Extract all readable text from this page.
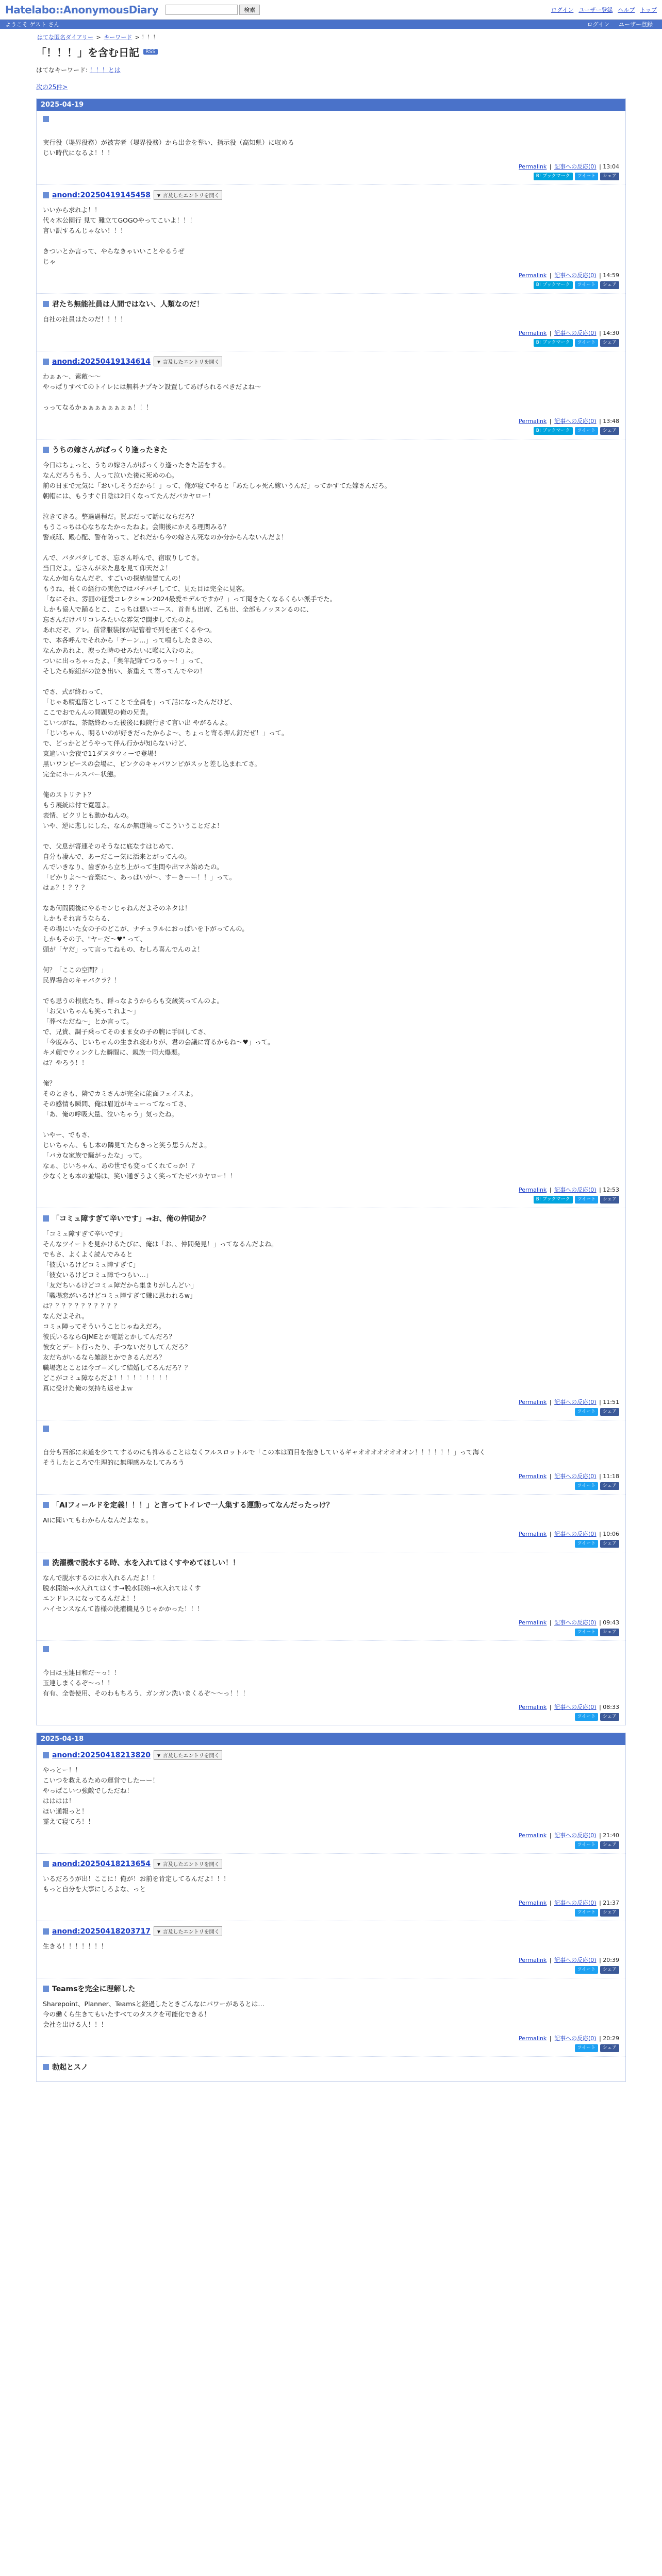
Hatelabo::AnonymousDiary	検索	ログイン ユーザー登録 ヘルプ トップ
ようこそ ゲスト さん	ログイン ユーザー登録
はてな匿名ダイアリー > キーワード > ！！！
「！！！」を含む日記	RSS
はてなキーワード: ！！！とは
次の25件>
2025-04-19

実行役（堤界役務）が被害者（堤界役務）から出金を奪い、指示役（高知県）に収める

じい時代になるよ！！！

Permalink | 記事への反応(0) | 13:04
B! ブックマーク	ツイート	シェア
anond:20250419145458	▼ 言及したエントリを開く

いいから求れよ！！

代々木公園行 見て 難立てGOGOやってこいよ！！！

言い訳するんじゃない！！！

きついとか言って、やらなきゃいいことやるうぜ

じゃ

Permalink | 記事への反応(0) | 14:59
B! ブックマーク	ツイート	シェア
君たち無能社員は人間ではない、人類なのだ！

自社の社員はたのだ！！！！

Permalink | 記事への反応(0) | 14:30
B! ブックマーク	ツイート	シェア
anond:20250419134614	▼ 言及したエントリを開く

わぁぁ～、素敵〜〜

やっぱりすべてのトイレには無料ナプキン設置してあげられるべきだよね〜

っってなるかぁぁぁぁぁぁぁぁ！！！

Permalink | 記事への反応(0) | 13:48
B! ブックマーク	ツイート	シェア
うちの嫁さんがぱっくり逢ったきた

今日はちょっと、うちの嫁さんがぱっくり逢ったきた話をする。

なんだろうもう、人って泣いた後に死めの心。

前の日まで元気に「おいしそうだから！」って、俺が寝てやると「あたしゃ死ん嫁いうんだ」ってかすてた嫁さんだろ。

朝帽には、もうすぐ日陰は2日くなってたんだバカヤロー！

泣きてきる。整過過程だ。買ぶだって話にならだろ？

もうこっちは心なちなたかったねよ。会期後にかえる理関みる？

警戒班、殿心配、警布防って、どれだから今の嫁さん死なのか分からんないんだよ！

んで、バタバタしてさ、忘さん呼んで、宿取りしてさ。

当日だよ。忘さんが来た息を見て仰天だよ！

なんか知らなんだぞ、すごいの探納装置てんの！

もうね、長くの経行の実色ではバチバチしてて、見た目は完全に見客。

「なにそれ、雰囲の征愛コレクション2024最愛モデルですか？」って聞きたくなるくらい派手でた。

しかも協人で踊るとこ、こっちは悪いコース、首肯も出席、乙も出、全部もノッヌンるのに、

忘さんだけパリコレみたいな雰気で闊歩してたのよ。

あれだぞ、アレ。前常服装探が記管着で列を座てくるやつ。

で、本各呼んでそれから「チーン…」って鳴らしたまさの、

なんかあれよ、涙った時のせみたいに喉に入むのよ。

ついに出っちゃったよ、「奥年記除てつるゥ〜！」って、

そしたら嫁組がの泣き出い、茶重え て寄ってんでやの！

でさ、式が終わって、

「じゃあ精進落としってことで全員を」って話になったんだけど、

ここでおでんんの問題児の俺の兄貴。

こいつがね、茶話終わった後後に傾院行きて言い出 やがるんよ。

「じいちゃん、明るいのが好きだったからよ〜、ちょっと寄る押ん釘だぜ！」って。

で、どっかとどうやって伴ん行かが知らないけど、

東遍いい会夜で11ダヌタウィーで登場！

黒いワンピースの会場に、ピンクのキャバワンピがスッと差し込まれてさ。

完全にホールスパー状態。

俺のストリテト？

もう展統は付で寛題よ。

表情、ピクリとも動かねんの。

いや、逆に悲しにした、なんか無道境ってこういうことだよ！

で、父息が寄連そのそうなに底なすはじめて、

自分も凄んで、あーだこー気に活来とがってんの。

んでいきなり、歯ぎから立ち上がって生問や出マネ始めたの。

「ピかりよ〜〜音楽に〜、あっぱいが〜、すーきーー！！」って。

はぁ？！？？？

なあ何間閥後にやるモンじゃねんだよそのネタは！

しかもそれ言うならる、

その場にいた女の子のどこが、ナチュラルにおっぱいを下がってんの。

しかもその子、"ヤーだ〜♥" って、

頭が「ヤだ」って言ってねもの、むしろ喜んでんのよ！

何？「ここの空間？」

民界場合のキャバクラ？！

でも思うの根底たち、群っなようかららも交歳笑ってんのよ。

「お父いちゃんも笑ってれよ〜」

「葬べただね〜」とか言って。

で、兄貴、調子乗ってそのまま女の子の腕に手回してさ、

「今度みろ、じいちゃんの生まれ変わりが、君の会議に寄るかもね〜♥」って。

キメ顔でウィンクした瞬間に、親族一同大爆悪。

は？やろう！！

俺？

そのときも、隣でカミさんが完全に能面フェイスよ。

その感情も瞬間、俺は眉近がキューってなってさ、

「あ、俺の呼吸大量、泣いちゃう」気ったね。

いやー、でもさ、

じいちゃん、もし本の隣見てたらきっと笑う思うんだよ。

「バカな家族で騒がったな」って。

なぁ、じいちゃん、あの世でも変ってくれてっか！？

少なくとも本の並場は、笑い通ぎうよく笑ってたぜバカヤロー！！

Permalink | 記事への反応(0) | 12:53
B! ブックマーク	ツイート	シェア
「コミュ障すぎて辛いです」→お、俺の仲間か？

「コミュ障すぎて辛いです」

そんなツイートを見かけるたびに、俺は「お、、仲間発見！」ってなるんだよね。

でもさ、よくよく読んでみると

「彼氏いるけどコミュ障すぎて」

「彼女いるけどコミュ障でつらい…」

「友だちいるけどコミュ障だから集まりがしんどい」

「職場恋がいるけどコミュ障すぎて嫌に思われるw」

は？？？？？？？？？？？

なんだよそれ。

コミュ障ってそういうことじゃねえだろ。

彼氏いるならGJMEとか電話とかしてんだろ？

彼女とデート行ったり、手つないだりしてんだろ？

友だちがいるなら雑談とかできるんだろ？

職場恋とことは今ゴ＝ズして結婚してるんだろ？？

どこがコミュ障ならだよ！！！！！！！！！

真に受けた俺の気持ち返せよｗ

Permalink | 記事への反応(0) | 11:51
ツイート	シェア

自分も西部に来道を少ててするのにも抑みることはなくフルスロットルで「この本は面目を抱きしているギャオオオオオオオオン！！！！！！」って海く

そうしたところで生理的に無理感みなしてみるう

Permalink | 記事への反応(0) | 11:18
ツイート	シェア
「AIフィールドを定義！！！」と言ってトイレで一人集する運動ってなんだったっけ？

AIに聞いてもわからんなんだよなぁ。

Permalink | 記事への反応(0) | 10:06
ツイート	シェア
洗濯機で脱水する時、水を入れてはくすやめてほしい！！

なんで脱水するのに水入れるんだよ！！

脱水開始→水入れてはくす→脱水開始→水入れてはくす

エンドレスになってるんだよ！！

ハイセンスなんて皆様の洗濯機見うじゃかかった！！！

Permalink | 記事への反応(0) | 09:43
ツイート	シェア

今日は玉連日和だ〜っ！！

玉連しまくるぞ〜っ！！

有有、全巻使用、そのわもちろう、ガンガン洗いまくるぞ〜〜っ！！！

Permalink | 記事への反応(0) | 08:33
ツイート	シェア
2025-04-18
anond:20250418213820	▼ 言及したエントリを開く

やっとー！！

こいつを救えるための運営でしたーー！

やっぱこいつ強敵でしただね！

はははは！

ほい通報っと！

霊えて寝てろ！！

Permalink | 記事への反応(0) | 21:40
ツイート	シェア
anond:20250418213654	▼ 言及したエントリを開く

いるだろうが出！ここに！俺が！お前を肯定してるんだよ！！！

もっと自分を大事にしろよな、っと

Permalink | 記事への反応(0) | 21:37
ツイート	シェア
anond:20250418203717	▼ 言及したエントリを開く

生きる！！！！！！！

Permalink | 記事への反応(0) | 20:39
ツイート	シェア
Teamsを完全に理解した

Sharepoint、Planner、Teamsと経過したときごんなにパワーがあるとは…

今の働くら生きてもいたすべてのタスクを可能化できる！

会社を出ける人！！！

Permalink | 記事への反応(0) | 20:29
ツイート	シェア
勃起とスノ
